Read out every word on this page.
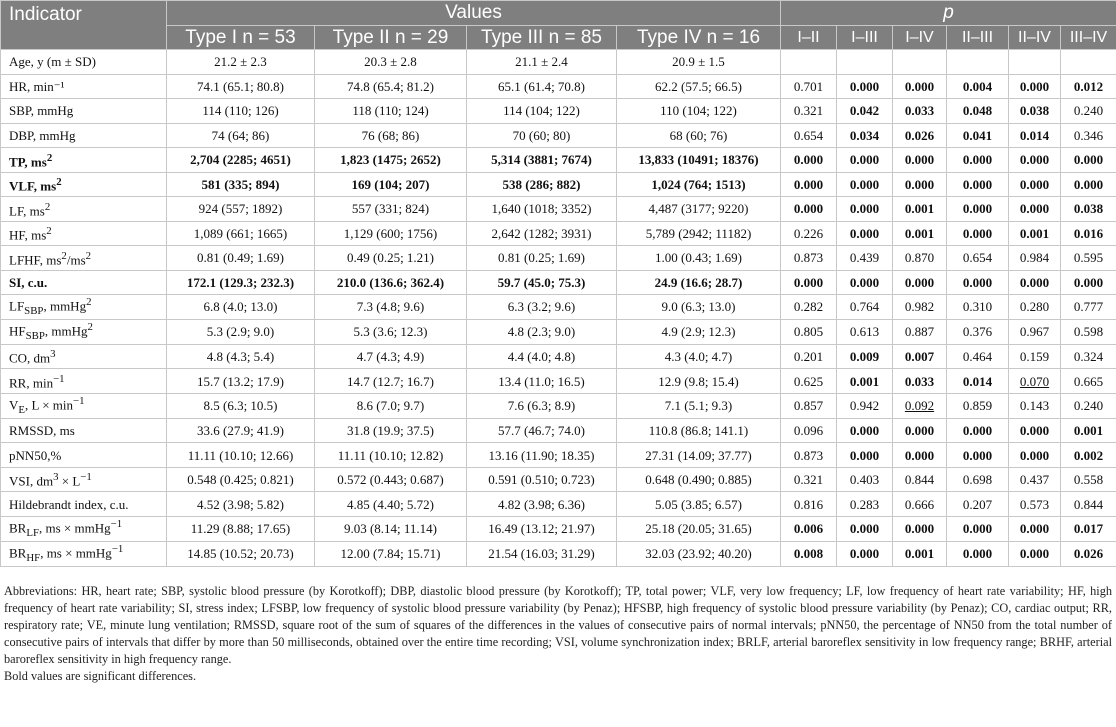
Indicator	Values				p					
	Type I n = 53	Type II n = 29	Type III n = 85	Type IV n = 16	I–II	I–III	I–IV	II–III	II–IV	III–IV
Age, y (m ± SD)	21.2 ± 2.3	20.3 ± 2.8	21.1 ± 2.4	20.9 ± 1.5						
HR, min⁻¹	74.1 (65.1; 80.8)	74.8 (65.4; 81.2)	65.1 (61.4; 70.8)	62.2 (57.5; 66.5)	0.701	0.000	0.000	0.004	0.000	0.012
SBP, mmHg	114 (110; 126)	118 (110; 124)	114 (104; 122)	110 (104; 122)	0.321	0.042	0.033	0.048	0.038	0.240
DBP, mmHg	74 (64; 86)	76 (68; 86)	70 (60; 80)	68 (60; 76)	0.654	0.034	0.026	0.041	0.014	0.346
TP, $ms^2$	2,704 (2285; 4651)	1,823 (1475; 2652)	5,314 (3881; 7674)	13,833 (10491; 18376)	0.000	0.000	0.000	0.000	0.000	0.000
VLF, $ms^2$	581 (335; 894)	169 (104; 207)	538 (286; 882)	1,024 (764; 1513)	0.000	0.000	0.000	0.000	0.000	0.000
LF, $ms^2$	924 (557; 1892)	557 (331; 824)	1,640 (1018; 3352)	4,487 (3177; 9220)	0.000	0.000	0.001	0.000	0.000	0.038
HF, $ms^2$	1,089 (661; 1665)	1,129 (600; 1756)	2,642 (1282; 3931)	5,789 (2942; 11182)	0.226	0.000	0.001	0.000	0.001	0.016
LFHF, $ms^2/ms^2$	0.81 (0.49; 1.69)	0.49 (0.25; 1.21)	0.81 (0.25; 1.69)	1.00 (0.43; 1.69)	0.873	0.439	0.870	0.654	0.984	0.595
SI, c.u.	172.1 (129.3; 232.3)	210.0 (136.6; 362.4)	59.7 (45.0; 75.3)	24.9 (16.6; 28.7)	0.000	0.000	0.000	0.000	0.000	0.000
$LF_{SBP}$, mmHg$^2$	6.8 (4.0; 13.0)	7.3 (4.8; 9.6)	6.3 (3.2; 9.6)	9.0 (6.3; 13.0)	0.282	0.764	0.982	0.310	0.280	0.777
$HF_{SBP}$, mmHg$^2$	5.3 (2.9; 9.0)	5.3 (3.6; 12.3)	4.8 (2.3; 9.0)	4.9 (2.9; 12.3)	0.805	0.613	0.887	0.376	0.967	0.598
CO, $dm^3$	4.8 (4.3; 5.4)	4.7 (4.3; 4.9)	4.4 (4.0; 4.8)	4.3 (4.0; 4.7)	0.201	0.009	0.007	0.464	0.159	0.324
RR, $\min^{-1}$	15.7 (13.2; 17.9)	14.7 (12.7; 16.7)	13.4 (11.0; 16.5)	12.9 (9.8; 15.4)	0.625	0.001	0.033	0.014	0.070	0.665
$V_E$, $L \times \min^{-1}$	8.5 (6.3; 10.5)	8.6 (7.0; 9.7)	7.6 (6.3; 8.9)	7.1 (5.1; 9.3)	0.857	0.942	0.092	0.859	0.143	0.240
RMSSD, ms	33.6 (27.9; 41.9)	31.8 (19.9; 37.5)	57.7 (46.7; 74.0)	110.8 (86.8; 141.1)	0.096	0.000	0.000	0.000	0.000	0.001
pNN50,%	11.11 (10.10; 12.66)	11.11 (10.10; 12.82)	13.16 (11.90; 18.35)	27.31 (14.09; 37.77)	0.873	0.000	0.000	0.000	0.000	0.002
VSI, $dm^3 \times L^{-1}$	0.548 (0.425; 0.821)	0.572 (0.443; 0.687)	0.591 (0.510; 0.723)	0.648 (0.490; 0.885)	0.321	0.403	0.844	0.698	0.437	0.558
Hildebrandt index, c.u.	4.52 (3.98; 5.82)	4.85 (4.40; 5.72)	4.82 (3.98; 6.36)	5.05 (3.85; 6.57)	0.816	0.283	0.666	0.207	0.573	0.844
$BR_{LF}$, ms × mmHg$^{-1}$	11.29 (8.88; 17.65)	9.03 (8.14; 11.14)	16.49 (13.12; 21.97)	25.18 (20.05; 31.65)	0.006	0.000	0.000	0.000	0.000	0.017
$BR_{HF}$, ms × mmHg$^{-1}$	14.85 (10.52; 20.73)	12.00 (7.84; 15.71)	21.54 (16.03; 31.29)	32.03 (23.92; 40.20)	0.008	0.000	0.001	0.000	0.000	0.026

Abbreviations: HR, heart rate; SBP, systolic blood pressure (by Korotkoff); DBP, diastolic blood pressure (by Korotkoff); TP, total power; VLF, very low frequency; LF, low frequency of heart rate variability; HF, high frequency of heart rate variability; SI, stress index; LFSBP, low frequency of systolic blood pressure variability (by Penaz); HFSBP, high frequency of systolic blood pressure variability (by Penaz); CO, cardiac output; RR, respiratory rate; VE, minute lung ventilation; RMSSD, square root of the sum of squares of the differences in the values of consecutive pairs of normal intervals; pNN50, the percentage of NN50 from the total number of consecutive pairs of intervals that differ by more than 50 milliseconds, obtained over the entire time recording; VSI, volume synchronization index; BRLF, arterial baroreflex sensitivity in low frequency range; BRHF, arterial baroreflex sensitivity in high frequency range.

Bold values are significant differences.
